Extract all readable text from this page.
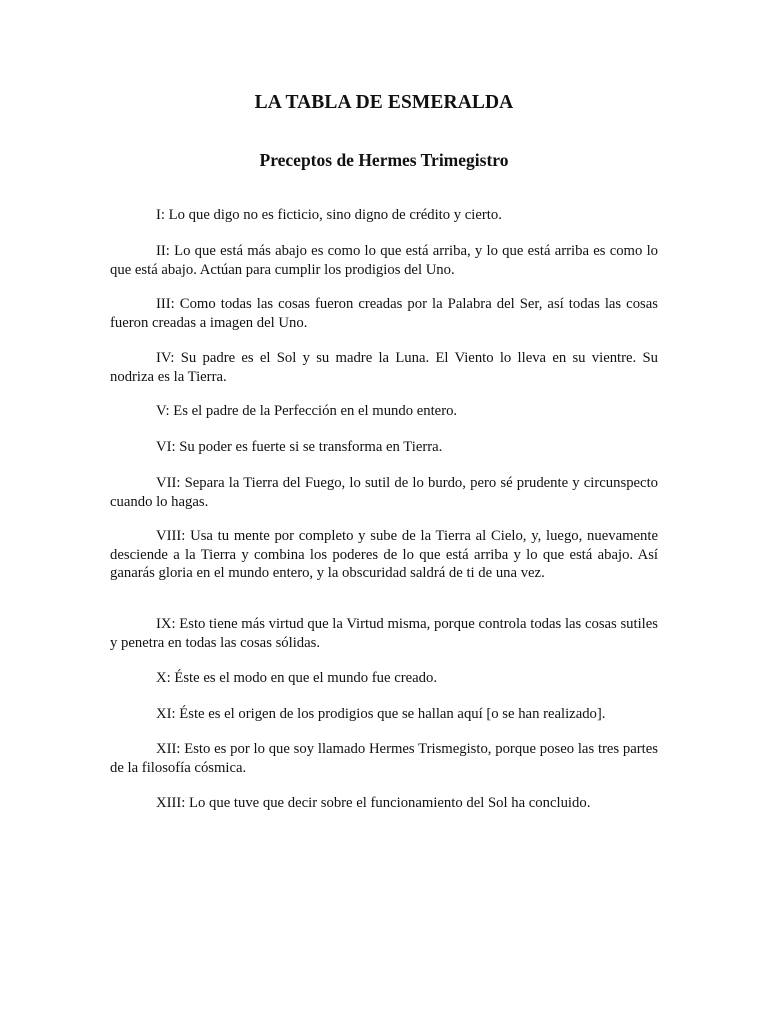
LA TABLA DE ESMERALDA
Preceptos de Hermes Trimegistro

I: Lo que digo no es ficticio, sino digno de crédito y cierto.

II: Lo que está más abajo es como lo que está arriba, y lo que está arriba es como lo que está abajo. Actúan para cumplir los prodigios del Uno.

III: Como todas las cosas fueron creadas por la Palabra del Ser, así todas las cosas fueron creadas a imagen del Uno.

IV: Su padre es el Sol y su madre la Luna. El Viento lo lleva en su vientre. Su nodriza es la Tierra.

V: Es el padre de la Perfección en el mundo entero.

VI: Su poder es fuerte si se transforma en Tierra.

VII: Separa la Tierra del Fuego, lo sutil de lo burdo, pero sé prudente y circunspecto cuando lo hagas.

VIII: Usa tu mente por completo y sube de la Tierra al Cielo, y, luego, nuevamente desciende a la Tierra y combina los poderes de lo que está arriba y lo que está abajo. Así ganarás gloria en el mundo entero, y la obscuridad saldrá de ti de una vez.

IX: Esto tiene más virtud que la Virtud misma, porque controla todas las cosas sutiles y penetra en todas las cosas sólidas.

X: Éste es el modo en que el mundo fue creado.

XI: Éste es el origen de los prodigios que se hallan aquí [o se han realizado].

XII: Esto es por lo que soy llamado Hermes Trismegisto, porque poseo las tres partes de la filosofía cósmica.

XIII: Lo que tuve que decir sobre el funcionamiento del Sol ha concluido.
